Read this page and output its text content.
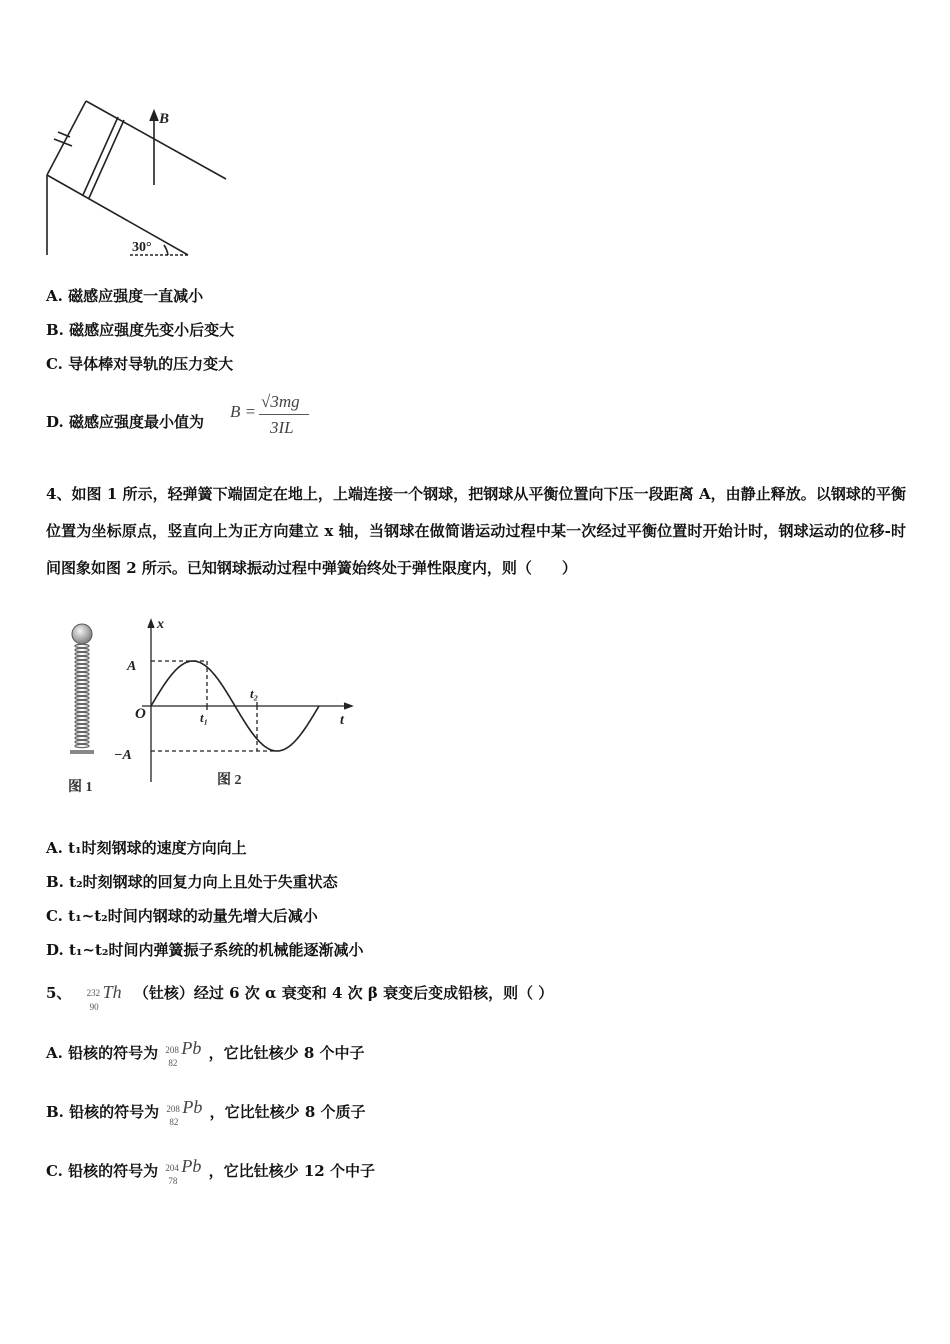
B
30°
A. 磁感应强度一直减小
B. 磁感应强度先变小后变大
C. 导体棒对导轨的压力变大
D. 磁感应强度最小值为
B =
√3mg
3IL
4、如图 1 所示，轻弹簧下端固定在地上，上端连接一个钢球，把钢球从平衡位置向下压一段距离 A，由静止释放。以钢球的平衡位置为坐标原点，竖直向上为正方向建立 x 轴，当钢球在做简谐运动过程中某一次经过平衡位置时开始计时，钢球运动的位移-时间图象如图 2 所示。已知钢球振动过程中弹簧始终处于弹性限度内，则（　　）
x
t
O
A
−A
t₁
t₂
图 1	图 2
A. t₁时刻钢球的速度方向向上
B. t₂时刻钢球的回复力向上且处于失重状态
C. t₁~t₂时间内钢球的动量先增大后减小
D. t₁~t₂时间内弹簧振子系统的机械能逐渐减小
5、 232
90
Th （钍核）经过 6 次 α 衰变和 4 次 β 衰变后变成铅核，则（ ）
A. 铅核的符号为 208
82
Pb ，它比钍核少 8 个中子
B. 铅核的符号为 208
82
Pb ，它比钍核少 8 个质子
C. 铅核的符号为 204
78
Pb ，它比钍核少 12 个中子
